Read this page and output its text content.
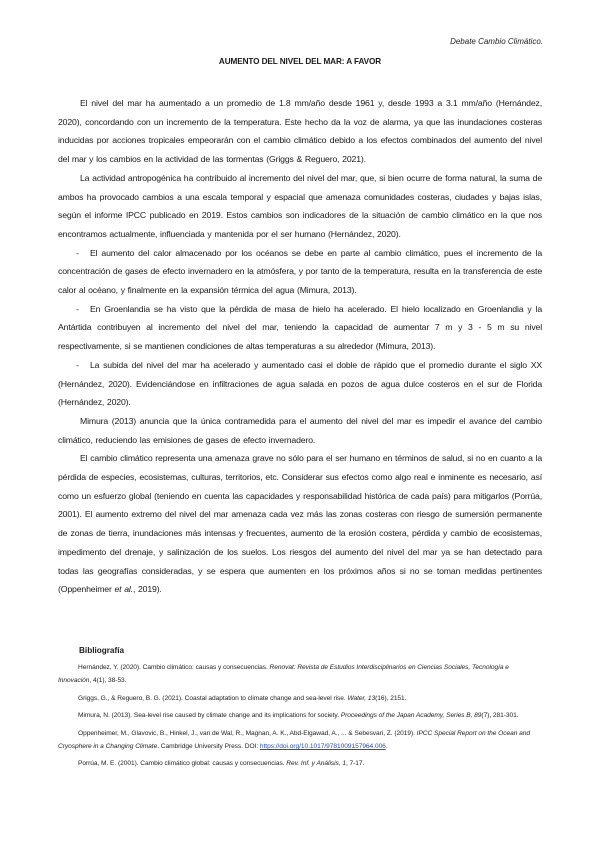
Debate Cambio Climático.
AUMENTO DEL NIVEL DEL MAR: A FAVOR

El nivel del mar ha aumentado a un promedio de 1.8 mm/año desde 1961 y, desde 1993 a 3.1 mm/año (Hernández, 2020), concordando con un incremento de la temperatura. Este hecho da la voz de alarma, ya que las inundaciones costeras inducidas por acciones tropicales empeorarán con el cambio climático debido a los efectos combinados del aumento del nivel del mar y los cambios en la actividad de las tormentas (Griggs & Reguero, 2021).

La actividad antropogénica ha contribuido al incremento del nivel del mar, que, si bien ocurre de forma natural, la suma de ambos ha provocado cambios a una escala temporal y espacial que amenaza comunidades costeras, ciudades y bajas islas, según el informe IPCC publicado en 2019. Estos cambios son indicadores de la situación de cambio climático en la que nos encontramos actualmente, influenciada y mantenida por el ser humano (Hernández, 2020).

- El aumento del calor almacenado por los océanos se debe en parte al cambio climático, pues el incremento de la concentración de gases de efecto invernadero en la atmósfera, y por tanto de la temperatura, resulta en la transferencia de este calor al océano, y finalmente en la expansión térmica del agua (Mimura, 2013).

- En Groenlandia se ha visto que la pérdida de masa de hielo ha acelerado. El hielo localizado en Groenlandia y la Antártida contribuyen al incremento del nivel del mar, teniendo la capacidad de aumentar 7 m y 3 - 5 m su nivel respectivamente, si se mantienen condiciones de altas temperaturas a su alrededor (Mimura, 2013).

- La subida del nivel del mar ha acelerado y aumentado casi el doble de rápido que el promedio durante el siglo XX (Hernández, 2020). Evidenciándose en infiltraciones de agua salada en pozos de agua dulce costeros en el sur de Florida (Hernández, 2020).

Mimura (2013) anuncia que la única contramedida para el aumento del nivel del mar es impedir el avance del cambio climático, reduciendo las emisiones de gases de efecto invernadero.

El cambio climático representa una amenaza grave no sólo para el ser humano en términos de salud, si no en cuanto a la pérdida de especies, ecosistemas, culturas, territorios, etc. Considerar sus efectos como algo real e inminente es necesario, así como un esfuerzo global (teniendo en cuenta las capacidades y responsabilidad histórica de cada país) para mitigarlos (Porrúa, 2001). El aumento extremo del nivel del mar amenaza cada vez más las zonas costeras con riesgo de sumersión permanente de zonas de tierra, inundaciones más intensas y frecuentes, aumento de la erosión costera, pérdida y cambio de ecosistemas, impedimento del drenaje, y salinización de los suelos. Los riesgos del aumento del nivel del mar ya se han detectado para todas las geografías consideradas, y se espera que aumenten en los próximos años si no se toman medidas pertinentes (Oppenheimer et al., 2019).

Bibliografía

Hernández, Y. (2020). Cambio climático: causas y consecuencias. Renovat: Revista de Estudios Interdisciplinarios en Ciencias Sociales, Tecnología e Innovación, 4(1), 38-53.

Griggs, G., & Reguero, B. G. (2021). Coastal adaptation to climate change and sea-level rise. Water, 13(16), 2151.

Mimura, N. (2013). Sea-level rise caused by climate change and its implications for society. Proceedings of the Japan Academy, Series B, 89(7), 281-301.

Oppenheimer, M., Glavovic, B., Hinkel, J., van de Wal, R., Magnan, A. K., Abd-Elgawad, A., ... & Sebesvari, Z. (2019). IPCC Special Report on the Ocean and Cryosphere in a Changing Climate. Cambridge University Press. DOI: https://doi.org/10.1017/9781009157964.006.

Porrúa, M. E. (2001). Cambio climático global: causas y consecuencias. Rev. Inf. y Análisis, 1, 7-17.
